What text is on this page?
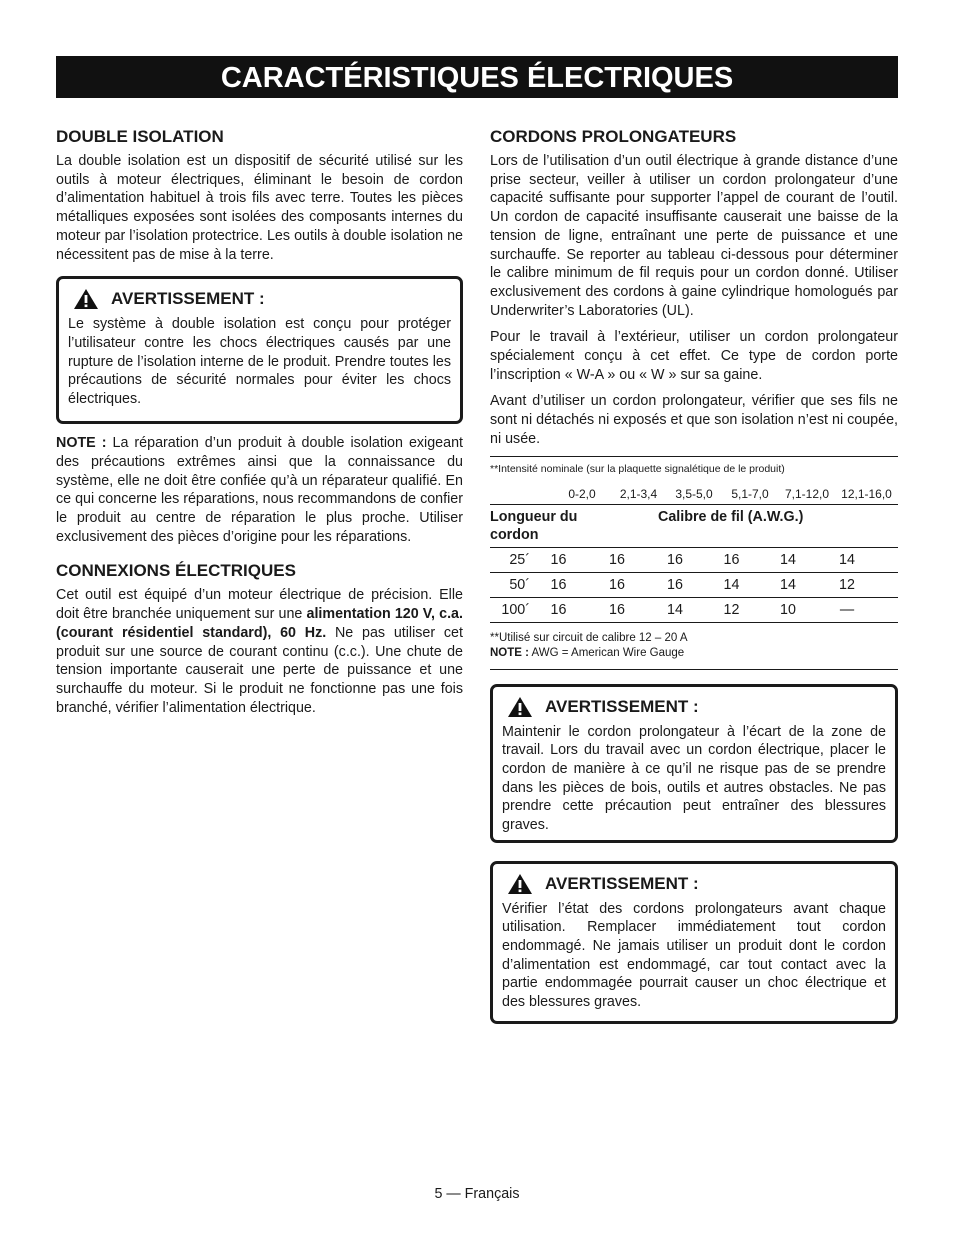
CARACTÉRISTIQUES ÉLECTRIQUES
DOUBLE ISOLATION

La double isolation est un dispositif de sécurité utilisé sur les outils à moteur électriques, éliminant le besoin de cordon d’alimentation habituel à trois fils avec terre. Toutes les pièces métalliques exposées sont isolées des composants internes du moteur par l’isolation protectrice. Les outils à double isolation ne nécessitent pas de mise à la terre.

AVERTISSEMENT :

Le système à double isolation est conçu pour protéger l’utilisateur contre les chocs électriques causés par une rupture de l’isolation interne de le produit. Prendre toutes les précautions de sécurité normales pour éviter les chocs électriques.

NOTE : La réparation d’un produit à double isolation exigeant des précautions extrêmes ainsi que la connaissance du système, elle ne doit être confiée qu’à un réparateur qualifié. En ce qui concerne les réparations, nous recommandons de confier le produit au centre de réparation le plus proche. Utiliser exclusivement des pièces d’origine pour les réparations.

CONNEXIONS ÉLECTRIQUES

Cet outil est équipé d’un moteur électrique de précision. Elle doit être branchée uniquement sur une alimentation 120 V, c.a. (courant résidentiel standard), 60 Hz. Ne pas utiliser cet produit sur une source de courant continu (c.c.). Une chute de tension importante causerait une perte de puissance et une surchauffe du moteur. Si le produit ne fonctionne pas une fois branché, vérifier l’alimentation électrique.

CORDONS PROLONGATEURS

Lors de l’utilisation d’un outil électrique à grande distance d’une prise secteur, veiller à utiliser un cordon prolongateur d’une capacité suffisante pour supporter l’appel de courant de l’outil. Un cordon de capacité insuffisante causerait une baisse de la tension de ligne, entraînant une perte de puissance et une surchauffe. Se reporter au tableau ci-dessous pour déterminer le calibre minimum de fil requis pour un cordon donné. Utiliser exclusivement des cordons à gaine cylindrique homologués par Underwriter’s Laboratories (UL).

Pour le travail à l’extérieur, utiliser un cordon prolongateur spécialement conçu à cet effet. Ce type de cordon porte l’inscription « W-A » ou « W » sur sa gaine.

Avant d’utiliser un cordon prolongateur, vérifier que ses fils ne sont ni détachés ni exposés et que son isolation n’est ni coupée, ni usée.

**Intensité nominale (sur la plaquette signalétique de le produit)
0-2,0	2,1-3,4	3,5-5,0	5,1-7,0	7,1-12,0	12,1-16,0
Longueur du cordon
Calibre de fil (A.W.G.)
25´	16	16	16	16	14	14
50´	16	16	16	14	14	12
100´	16	16	14	12	10	—
**Utilisé sur circuit de calibre 12 – 20 A
NOTE : AWG = American Wire Gauge
AVERTISSEMENT :

Maintenir le cordon prolongateur à l’écart de la zone de travail. Lors du travail avec un cordon électrique, placer le cordon de manière à ce qu’il ne risque pas de se prendre dans les pièces de bois, outils et autres obstacles. Ne pas prendre cette précaution peut entraîner des blessures graves.

AVERTISSEMENT :

Vérifier l’état des cordons prolongateurs avant chaque utilisation. Remplacer immédiatement tout cordon endommagé. Ne jamais utiliser un produit dont le cordon d’alimentation est endommagé, car tout contact avec la partie endommagée pourrait causer un choc électrique et des blessures graves.

5 — Français
